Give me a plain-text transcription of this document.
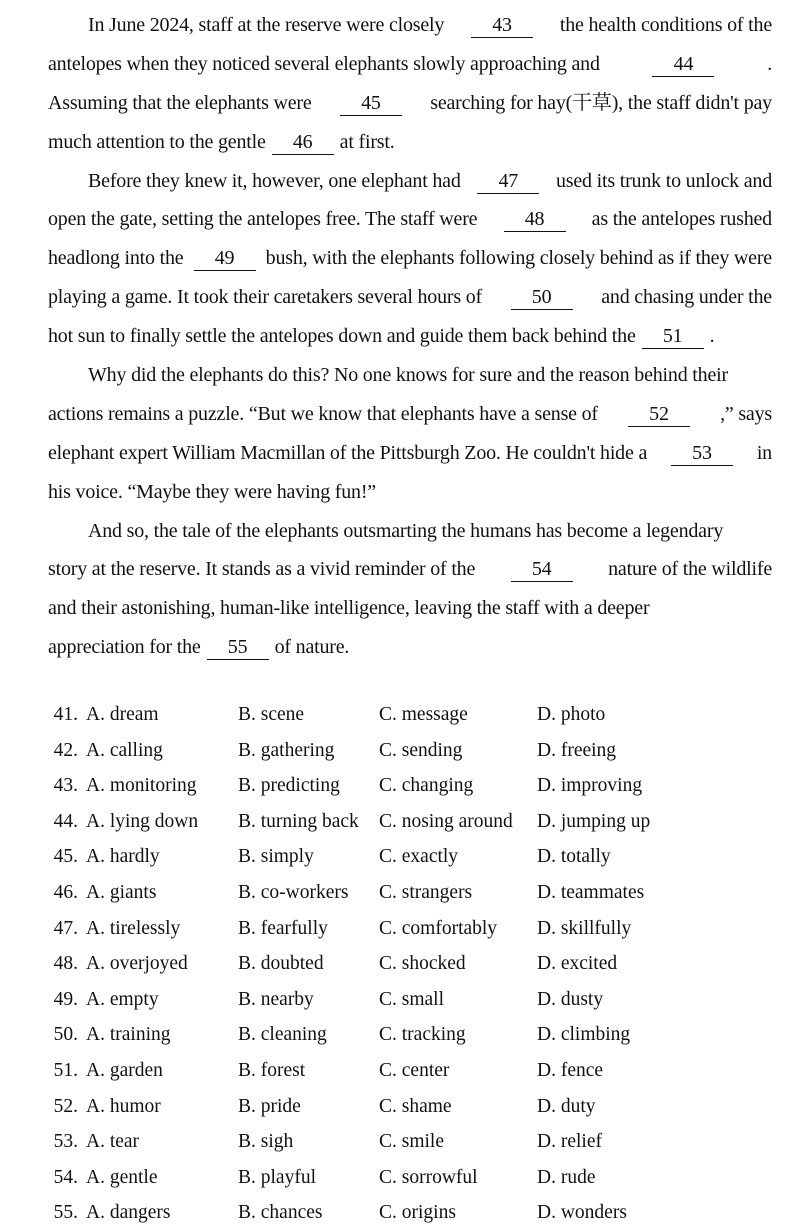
In June 2024, staff at the reserve were closely	43	the health conditions of the
antelopes when they noticed several elephants slowly approaching and	44	.
Assuming that the elephants were	45	searching for hay(干草), the staff didn't pay
much attention to the gentle	46	at first.
Before they knew it, however, one elephant had	47	used its trunk to unlock and
open the gate, setting the antelopes free. The staff were	48	as the antelopes rushed
headlong into the	49	bush, with the elephants following closely behind as if they were
playing a game. It took their caretakers several hours of	50	and chasing under the
hot sun to finally settle the antelopes down and guide them back behind the	51	.
Why did the elephants do this? No one knows for sure and the reason behind their
actions remains a puzzle. “But we know that elephants have a sense of	52	,” says
elephant expert William Macmillan of the Pittsburgh Zoo. He couldn't hide a	53	in
his voice. “Maybe they were having fun!”
And so, the tale of the elephants outsmarting the humans has become a legendary
story at the reserve. It stands as a vivid reminder of the	54	nature of the wildlife
and their astonishing, human-like intelligence, leaving the staff with a deeper
appreciation for the	55	of nature.
41. A. dream	B. scene	C. message	D. photo
42. A. calling	B. gathering C. sending	D. freeing
43. A. monitoring B. predicting C. changing	D. improving
44. A. lying down B. turning back C. nosing around D. jumping up
45. A. hardly	B. simply	C. exactly	D. totally
46. A. giants	B. co-workers C. strangers	D. teammates
47. A. tirelessly	B. fearfully	C. comfortably D. skillfully
48. A. overjoyed	B. doubted	C. shocked	D. excited
49. A. empty	B. nearby	C. small	D. dusty
50. A. training	B. cleaning	C. tracking	D. climbing
51. A. garden	B. forest	C. center	D. fence
52. A. humor	B. pride	C. shame	D. duty
53. A. tear	B. sigh	C. smile	D. relief
54. A. gentle	B. playful	C. sorrowful	D. rude
55. A. dangers	B. chances	C. origins	D. wonders
